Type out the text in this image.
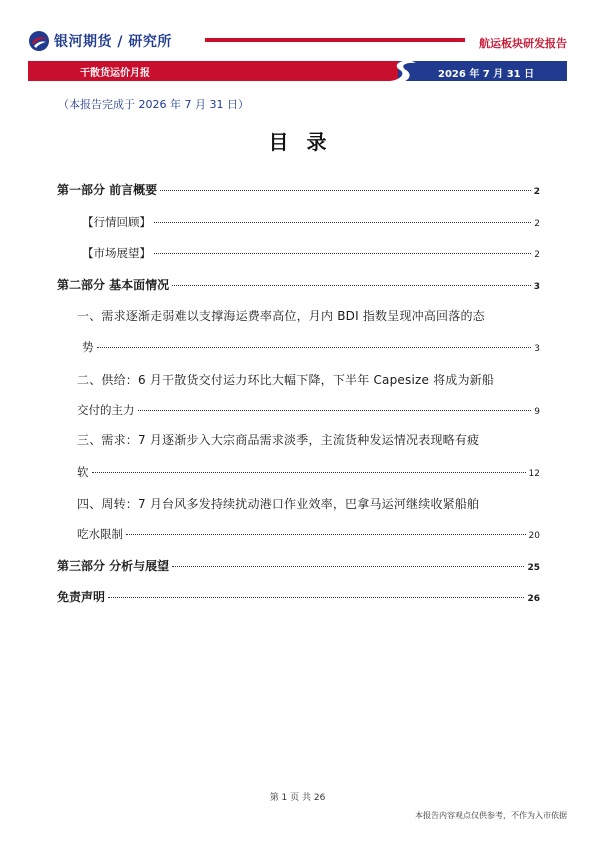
银河期货 / 研究所	航运板块研发报告
干散货运价月报	2026 年 7 月 31 日
（本报告完成于 2026 年 7 月 31 日）
目录
第一部分 前言概要	2
【行情回顾】	2
【市场展望】	2
第二部分 基本面情况	3
一、需求逐渐走弱难以支撑海运费率高位，月内 BDI 指数呈现冲高回落的态
势	3
二、供给：6 月干散货交付运力环比大幅下降，下半年 Capesize 将成为新船
交付的主力	9
三、需求：7 月逐渐步入大宗商品需求淡季，主流货种发运情况表现略有疲
软	12
四、周转：7 月台风多发持续扰动港口作业效率，巴拿马运河继续收紧船舶
吃水限制	20
第三部分 分析与展望	25
免责声明	26
第 1 页 共 26
本报告内容观点仅供参考，不作为入市依据
